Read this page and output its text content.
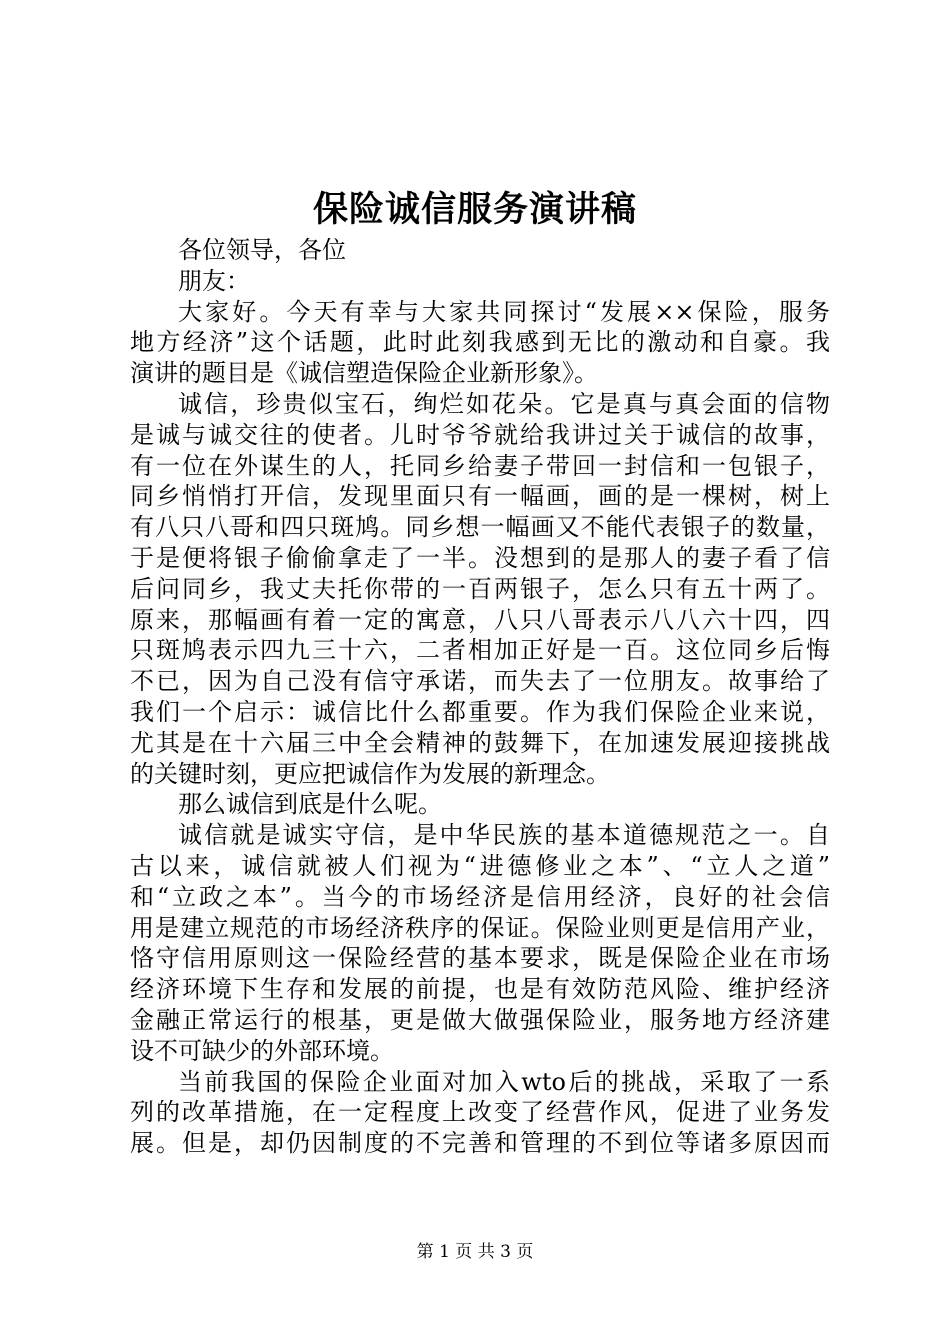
保险诚信服务演讲稿
各位领导，各位
朋友：
大家好。今天有幸与大家共同探讨“发展××保险，服务
地方经济”这个话题，此时此刻我感到无比的激动和自豪。我
演讲的题目是《诚信塑造保险企业新形象》。
诚信，珍贵似宝石，绚烂如花朵。它是真与真会面的信物
是诚与诚交往的使者。儿时爷爷就给我讲过关于诚信的故事，
有一位在外谋生的人，托同乡给妻子带回一封信和一包银子，
同乡悄悄打开信，发现里面只有一幅画，画的是一棵树，树上
有八只八哥和四只斑鸠。同乡想一幅画又不能代表银子的数量，
于是便将银子偷偷拿走了一半。没想到的是那人的妻子看了信
后问同乡，我丈夫托你带的一百两银子，怎么只有五十两了。
原来，那幅画有着一定的寓意，八只八哥表示八八六十四，四
只斑鸠表示四九三十六，二者相加正好是一百。这位同乡后悔
不已，因为自己没有信守承诺，而失去了一位朋友。故事给了
我们一个启示：诚信比什么都重要。作为我们保险企业来说，
尤其是在十六届三中全会精神的鼓舞下，在加速发展迎接挑战
的关键时刻，更应把诚信作为发展的新理念。
那么诚信到底是什么呢。
诚信就是诚实守信，是中华民族的基本道德规范之一。自
古以来，诚信就被人们视为“进德修业之本”、“立人之道”
和“立政之本”。当今的市场经济是信用经济，良好的社会信
用是建立规范的市场经济秩序的保证。保险业则更是信用产业，
恪守信用原则这一保险经营的基本要求，既是保险企业在市场
经济环境下生存和发展的前提，也是有效防范风险、维护经济
金融正常运行的根基，更是做大做强保险业，服务地方经济建
设不可缺少的外部环境。
当前我国的保险企业面对加入wto后的挑战，采取了一系
列的改革措施，在一定程度上改变了经营作风，促进了业务发
展。但是，却仍因制度的不完善和管理的不到位等诸多原因而
第 1 页 共 3 页
